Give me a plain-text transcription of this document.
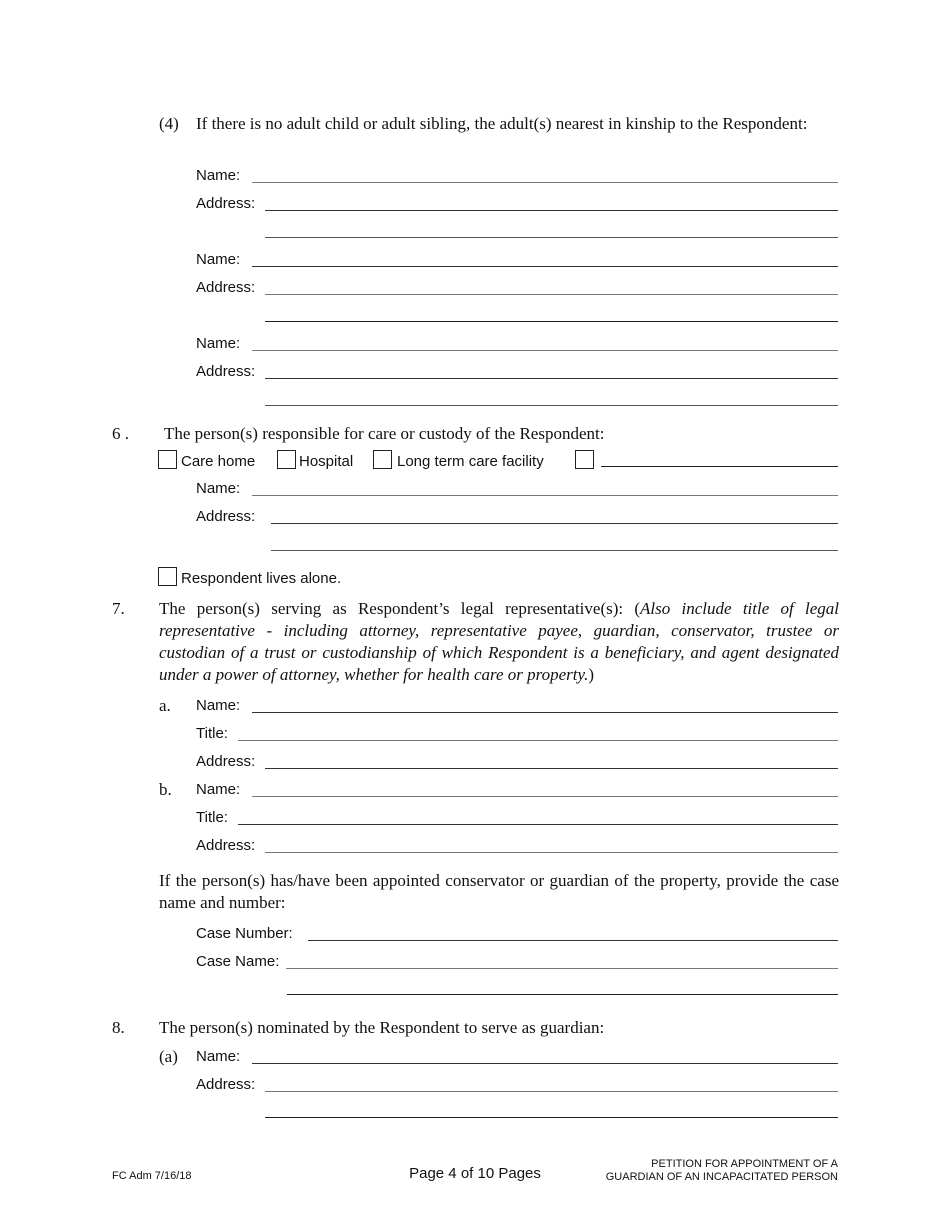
(4) If there is no adult child or adult sibling, the adult(s) nearest in kinship to the Respondent:
Name:
Address:
Name:
Address:
Name:
Address:
6 . The person(s) responsible for care or custody of the Respondent:
Care home	Hospital	Long term care facility
Name:
Address:
Respondent lives alone.
7. The person(s) serving as Respondent’s legal representative(s): (Also include title of legal representative - including attorney, representative payee, guardian, conservator, trustee or custodian of a trust or custodianship of which Respondent is a beneficiary, and agent designated under a power of attorney, whether for health care or property.)
a. Name:
Title:
Address:
b. Name:
Title:
Address:
If the person(s) has/have been appointed conservator or guardian of the property, provide the case name and number:
Case Number:
Case Name:
8. The person(s) nominated by the Respondent to serve as guardian:
(a) Name:
Address:
FC Adm 7/16/18	Page 4 of 10 Pages
PETITION FOR APPOINTMENT OF A
GUARDIAN OF AN INCAPACITATED PERSON
